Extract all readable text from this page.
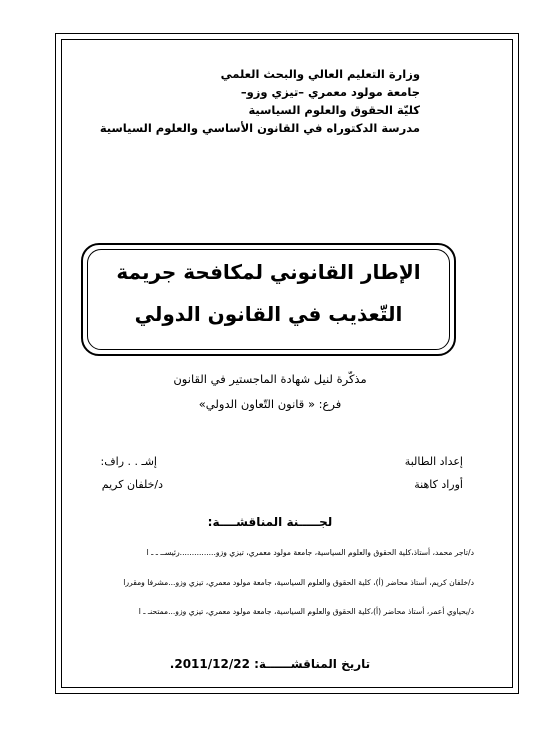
وزارة التعليم العالي والبحث العلمي
جامعة مولود معمري –تيزي وزو–
كليّة الحقوق والعلوم السياسية
مدرسة الدكتوراه في القانون الأساسي والعلوم السياسية
الإطار القانوني لمكافحة جريمة
التّعذيب في القانون الدولي
مذكّرة لنيل شهادة الماجستير في القانون
فرع: « قانون التّعاون الدولي»
إعداد الطالبة
أوراد كاهنة
إشـ . . راف:
د/خلفان كريم
لجـــــنة المناقشــــة:
د/تاجر محمد، أستاذ،كلية الحقوق والعلوم السياسية، جامعة مولود معمري، تيزي وزو...............رئيســ ـ ـ ا
د/خلفان كريم، أستاذ محاضر (أ)، كلية الحقوق والعلوم السياسية، جامعة مولود معمري، تيزي وزو...مشرفا ومقررا
د/يحياوي أعمر، أستاذ محاضر (أ)،كلية الحقوق والعلوم السياسية، جامعة مولود معمري، تيزي وزو...ممتحنـ ـ ا
تاريخ المناقشــــــة: 2011/12/22.
